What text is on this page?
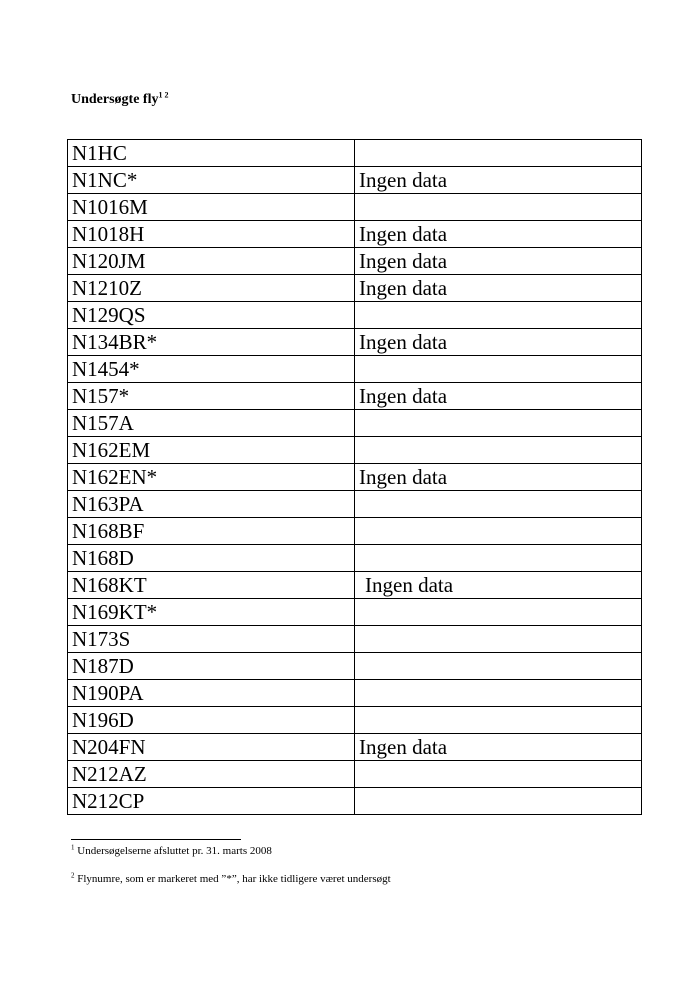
Undersøgte fly$^{1 2}$
N1HC	
N1NC*	Ingen data
N1016M	
N1018H	Ingen data
N120JM	Ingen data
N1210Z	Ingen data
N129QS	
N134BR*	Ingen data
N1454*	
N157*	Ingen data
N157A	
N162EM	
N162EN*	Ingen data
N163PA	
N168BF	
N168D	
N168KT	Ingen data
N169KT*	
N173S	
N187D	
N190PA	
N196D	
N204FN	Ingen data
N212AZ	
N212CP	
$^1$ Undersøgelserne afsluttet pr. 31. marts 2008
$^2$ Flynumre, som er markeret med ”*”, har ikke tidligere været undersøgt
